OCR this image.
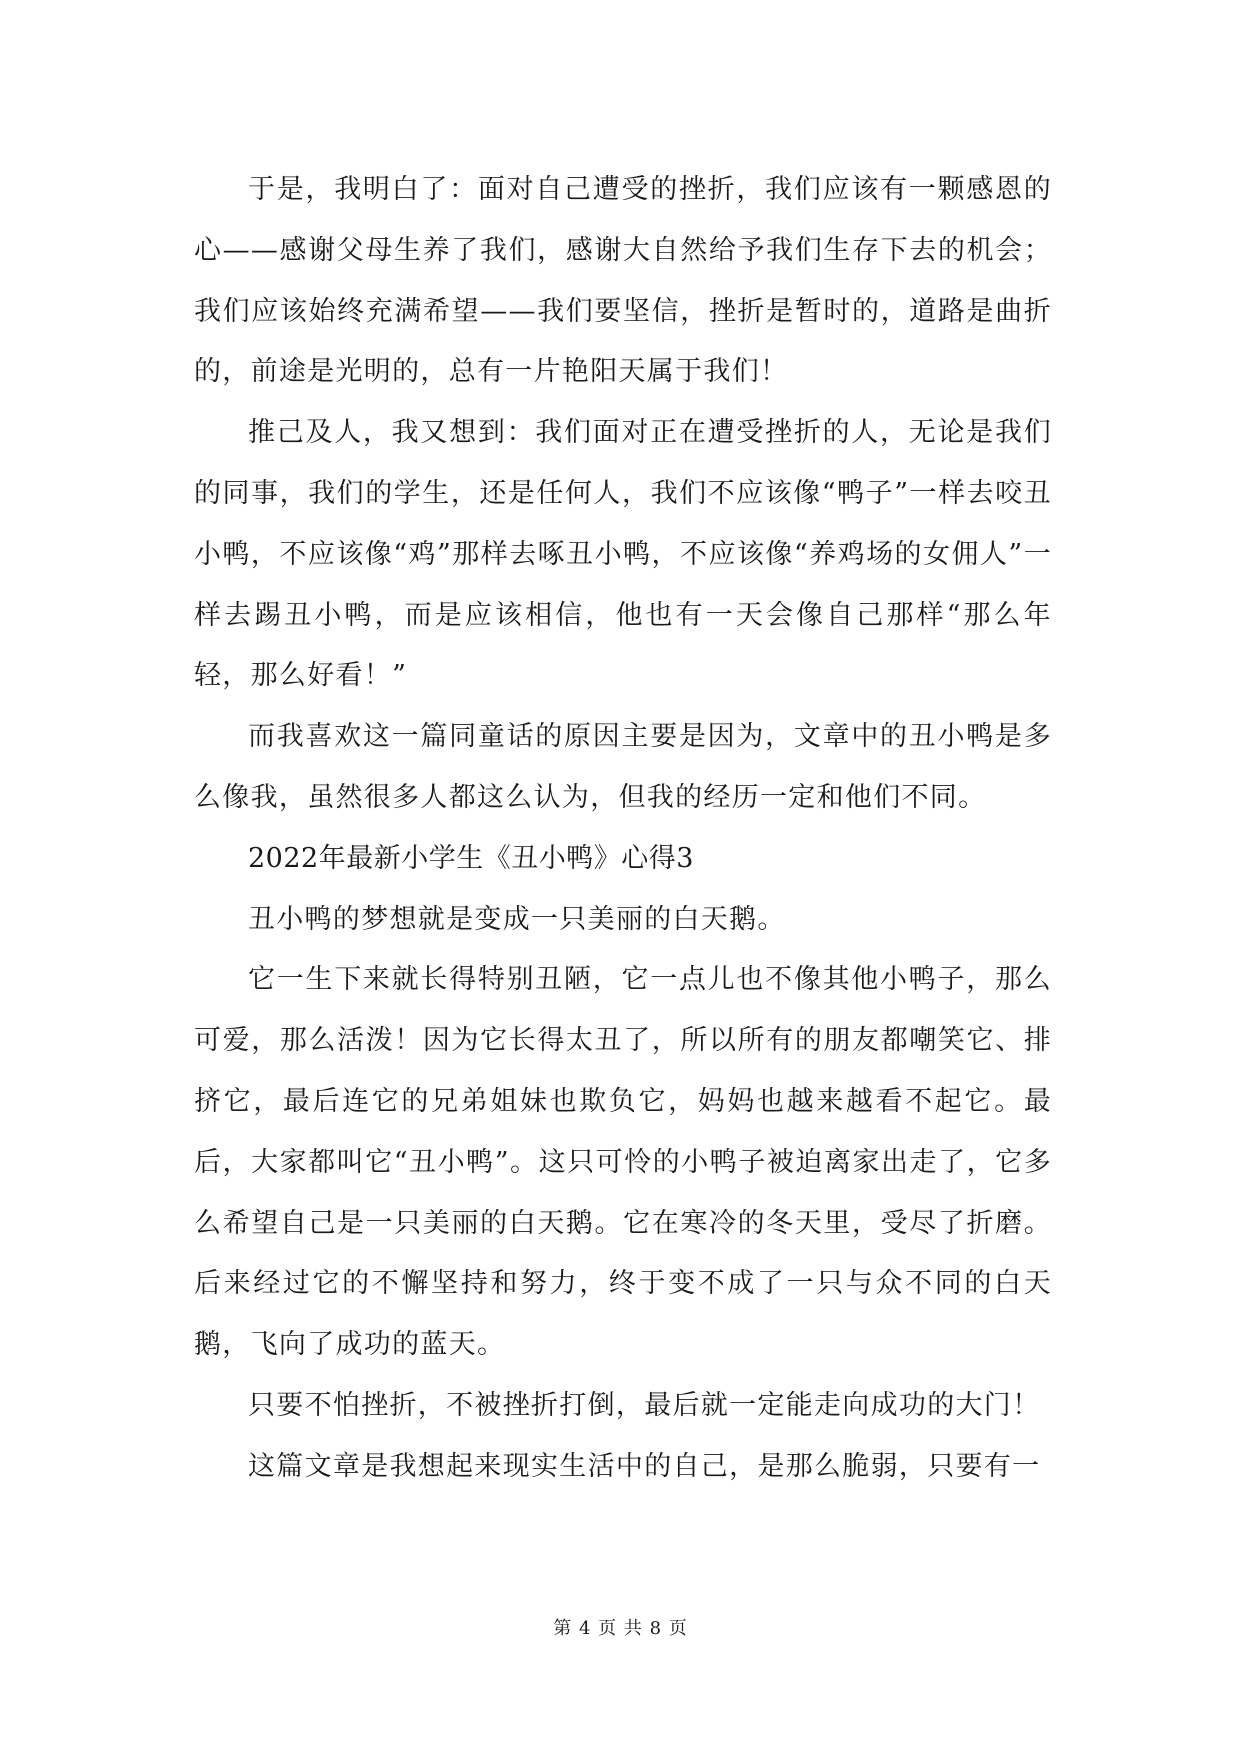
于是，我明白了：面对自己遭受的挫折，我们应该有一颗感恩的心——感谢父母生养了我们，感谢大自然给予我们生存下去的机会；我们应该始终充满希望——我们要坚信，挫折是暂时的，道路是曲折的，前途是光明的，总有一片艳阳天属于我们！

推己及人，我又想到：我们面对正在遭受挫折的人，无论是我们的同事，我们的学生，还是任何人，我们不应该像“鸭子”一样去咬丑小鸭，不应该像“鸡”那样去啄丑小鸭，不应该像“养鸡场的女佣人”一样去踢丑小鸭，而是应该相信，他也有一天会像自己那样“那么年轻，那么好看！”

而我喜欢这一篇同童话的原因主要是因为，文章中的丑小鸭是多么像我，虽然很多人都这么认为，但我的经历一定和他们不同。

2022年最新小学生《丑小鸭》心得3

丑小鸭的梦想就是变成一只美丽的白天鹅。

它一生下来就长得特别丑陋，它一点儿也不像其他小鸭子，那么可爱，那么活泼！因为它长得太丑了，所以所有的朋友都嘲笑它、排挤它，最后连它的兄弟姐妹也欺负它，妈妈也越来越看不起它。最后，大家都叫它“丑小鸭”。这只可怜的小鸭子被迫离家出走了，它多么希望自己是一只美丽的白天鹅。它在寒冷的冬天里，受尽了折磨。后来经过它的不懈坚持和努力，终于变不成了一只与众不同的白天鹅，飞向了成功的蓝天。

只要不怕挫折，不被挫折打倒，最后就一定能走向成功的大门！

这篇文章是我想起来现实生活中的自己，是那么脆弱，只要有一

第 4 页 共 8 页
